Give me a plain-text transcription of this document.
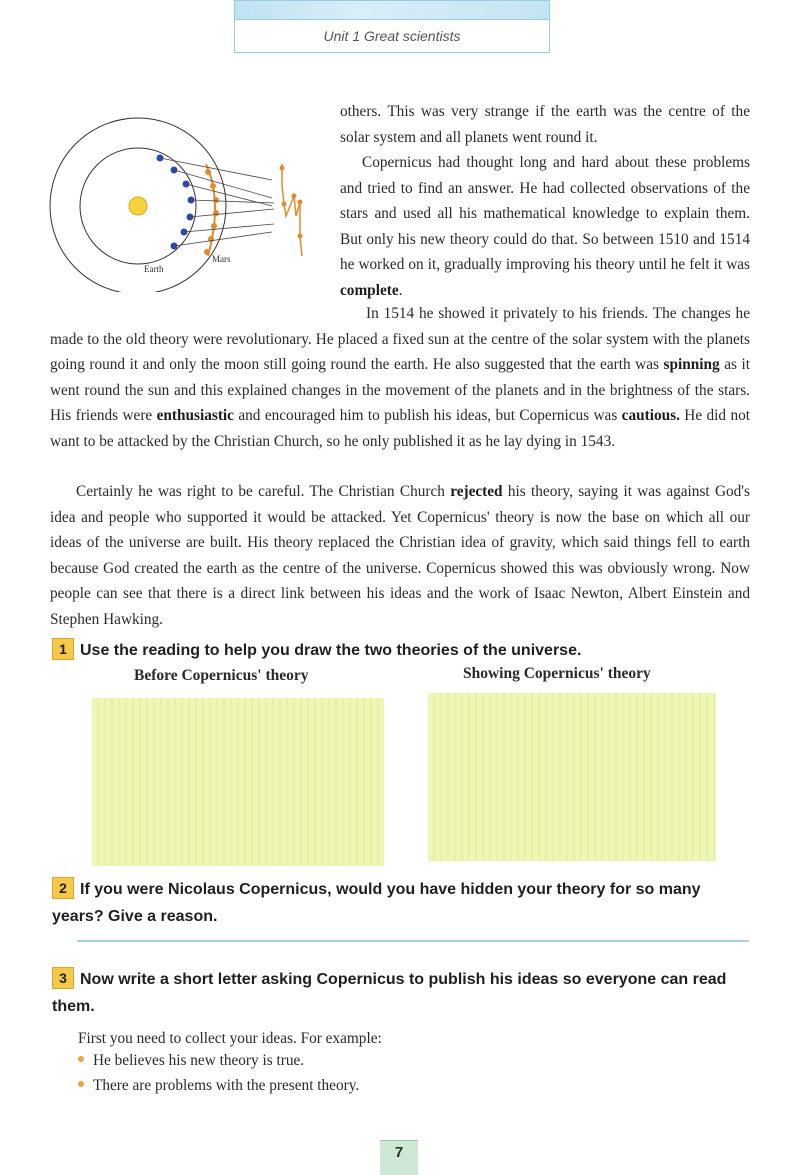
Unit 1 Great scientists
Earth
Mars
others. This was very strange if the earth was the centre of the solar system and all planets went round it.
Copernicus had thought long and hard about these problems and tried to find an answer. He had collected observations of the stars and used all his mathematical knowledge to explain them. But only his new theory could do that. So between 1510 and 1514 he worked on it, gradually improving his theory until he felt it was complete.
In 1514 he showed it privately to his friends. The changes he made to the old theory were revolutionary. He placed a fixed sun at the centre of the solar system with the planets going round it and only the moon still going round the earth. He also suggested that the earth was spinning as it went round the sun and this explained changes in the movement of the planets and in the brightness of the stars. His friends were enthusiastic and encouraged him to publish his ideas, but Copernicus was cautious. He did not want to be attacked by the Christian Church, so he only published it as he lay dying in 1543.
Certainly he was right to be careful. The Christian Church rejected his theory, saying it was against God's idea and people who supported it would be attacked. Yet Copernicus' theory is now the base on which all our ideas of the universe are built. His theory replaced the Christian idea of gravity, which said things fell to earth because God created the earth as the centre of the universe. Copernicus showed this was obviously wrong. Now people can see that there is a direct link between his ideas and the work of Isaac Newton, Albert Einstein and Stephen Hawking.
1 Use the reading to help you draw the two theories of the universe.
Before Copernicus' theory	Showing Copernicus' theory
2 If you were Nicolaus Copernicus, would you have hidden your theory for so many years? Give a reason.
3 Now write a short letter asking Copernicus to publish his ideas so everyone can read them.
First you need to collect your ideas. For example:
He believes his new theory is true.
There are problems with the present theory.
7
